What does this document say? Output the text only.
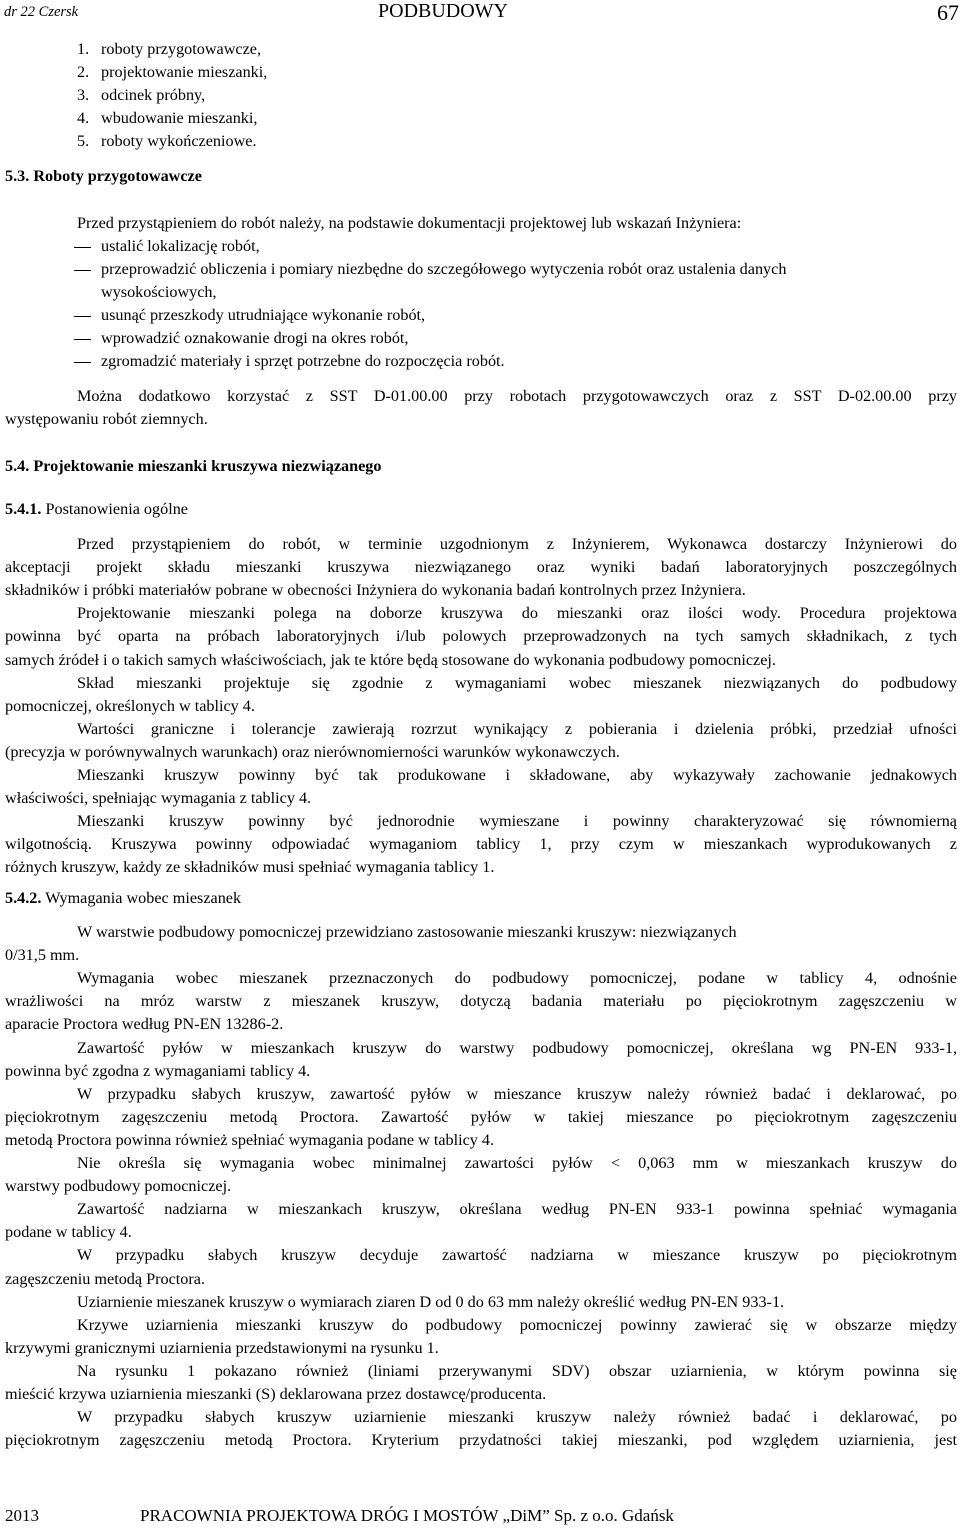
dr 22 Czersk	PODBUDOWY	67
1. roboty przygotowawcze,
2. projektowanie mieszanki,
3. odcinek próbny,
4. wbudowanie mieszanki,
5. roboty wykończeniowe.
5.3. Roboty przygotowawcze
Przed przystąpieniem do robót należy, na podstawie dokumentacji projektowej lub wskazań Inżyniera:
ustalić lokalizację robót,
przeprowadzić obliczenia i pomiary niezbędne do szczegółowego wytyczenia robót oraz ustalenia danych
wysokościowych,
usunąć przeszkody utrudniające wykonanie robót,
wprowadzić oznakowanie drogi na okres robót,
zgromadzić materiały i sprzęt potrzebne do rozpoczęcia robót.
Można dodatkowo korzystać z SST D-01.00.00 przy robotach przygotowawczych oraz z SST D-02.00.00 przy
występowaniu robót ziemnych.
5.4. Projektowanie mieszanki kruszywa niezwiązanego
5.4.1. Postanowienia ogólne
Przed przystąpieniem do robót, w terminie uzgodnionym z Inżynierem, Wykonawca dostarczy Inżynierowi do
akceptacji projekt składu mieszanki kruszywa niezwiązanego oraz wyniki badań laboratoryjnych poszczególnych
składników i próbki materiałów pobrane w obecności Inżyniera do wykonania badań kontrolnych przez Inżyniera.
Projektowanie mieszanki polega na doborze kruszywa do mieszanki oraz ilości wody. Procedura projektowa
powinna być oparta na próbach laboratoryjnych i/lub polowych przeprowadzonych na tych samych składnikach, z tych
samych źródeł i o takich samych właściwościach, jak te które będą stosowane do wykonania podbudowy pomocniczej.
Skład mieszanki projektuje się zgodnie z wymaganiami wobec mieszanek niezwiązanych do podbudowy
pomocniczej, określonych w tablicy 4.
Wartości graniczne i tolerancje zawierają rozrzut wynikający z pobierania i dzielenia próbki, przedział ufności
(precyzja w porównywalnych warunkach) oraz nierównomierności warunków wykonawczych.
Mieszanki kruszyw powinny być tak produkowane i składowane, aby wykazywały zachowanie jednakowych
właściwości, spełniając wymagania z tablicy 4.
Mieszanki kruszyw powinny być jednorodnie wymieszane i powinny charakteryzować się równomierną
wilgotnością. Kruszywa powinny odpowiadać wymaganiom tablicy 1, przy czym w mieszankach wyprodukowanych z
różnych kruszyw, każdy ze składników musi spełniać wymagania tablicy 1.
5.4.2. Wymagania wobec mieszanek
W warstwie podbudowy pomocniczej przewidziano zastosowanie mieszanki kruszyw: niezwiązanych
0/31,5 mm.
Wymagania wobec mieszanek przeznaczonych do podbudowy pomocniczej, podane w tablicy 4, odnośnie
wrażliwości na mróz warstw z mieszanek kruszyw, dotyczą badania materiału po pięciokrotnym zagęszczeniu w
aparacie Proctora według PN-EN 13286-2.
Zawartość pyłów w mieszankach kruszyw do warstwy podbudowy pomocniczej, określana wg PN-EN 933-1,
powinna być zgodna z wymaganiami tablicy 4.
W przypadku słabych kruszyw, zawartość pyłów w mieszance kruszyw należy również badać i deklarować, po
pięciokrotnym zagęszczeniu metodą Proctora. Zawartość pyłów w takiej mieszance po pięciokrotnym zagęszczeniu
metodą Proctora powinna również spełniać wymagania podane w tablicy 4.
Nie określa się wymagania wobec minimalnej zawartości pyłów < 0,063 mm w mieszankach kruszyw do
warstwy podbudowy pomocniczej.
Zawartość nadziarna w mieszankach kruszyw, określana według PN-EN 933-1 powinna spełniać wymagania
podane w tablicy 4.
W przypadku słabych kruszyw decyduje zawartość nadziarna w mieszance kruszyw po pięciokrotnym
zagęszczeniu metodą Proctora.
Uziarnienie mieszanek kruszyw o wymiarach ziaren D od 0 do 63 mm należy określić według PN-EN 933-1.
Krzywe uziarnienia mieszanki kruszyw do podbudowy pomocniczej powinny zawierać się w obszarze między
krzywymi granicznymi uziarnienia przedstawionymi na rysunku 1.
Na rysunku 1 pokazano również (liniami przerywanymi SDV) obszar uziarnienia, w którym powinna się
mieścić krzywa uziarnienia mieszanki (S) deklarowana przez dostawcę/producenta.
W przypadku słabych kruszyw uziarnienie mieszanki kruszyw należy również badać i deklarować, po
pięciokrotnym zagęszczeniu metodą Proctora. Kryterium przydatności takiej mieszanki, pod względem uziarnienia, jest
2013	PRACOWNIA PROJEKTOWA DRÓG I MOSTÓW „DiM” Sp. z o.o. Gdańsk
